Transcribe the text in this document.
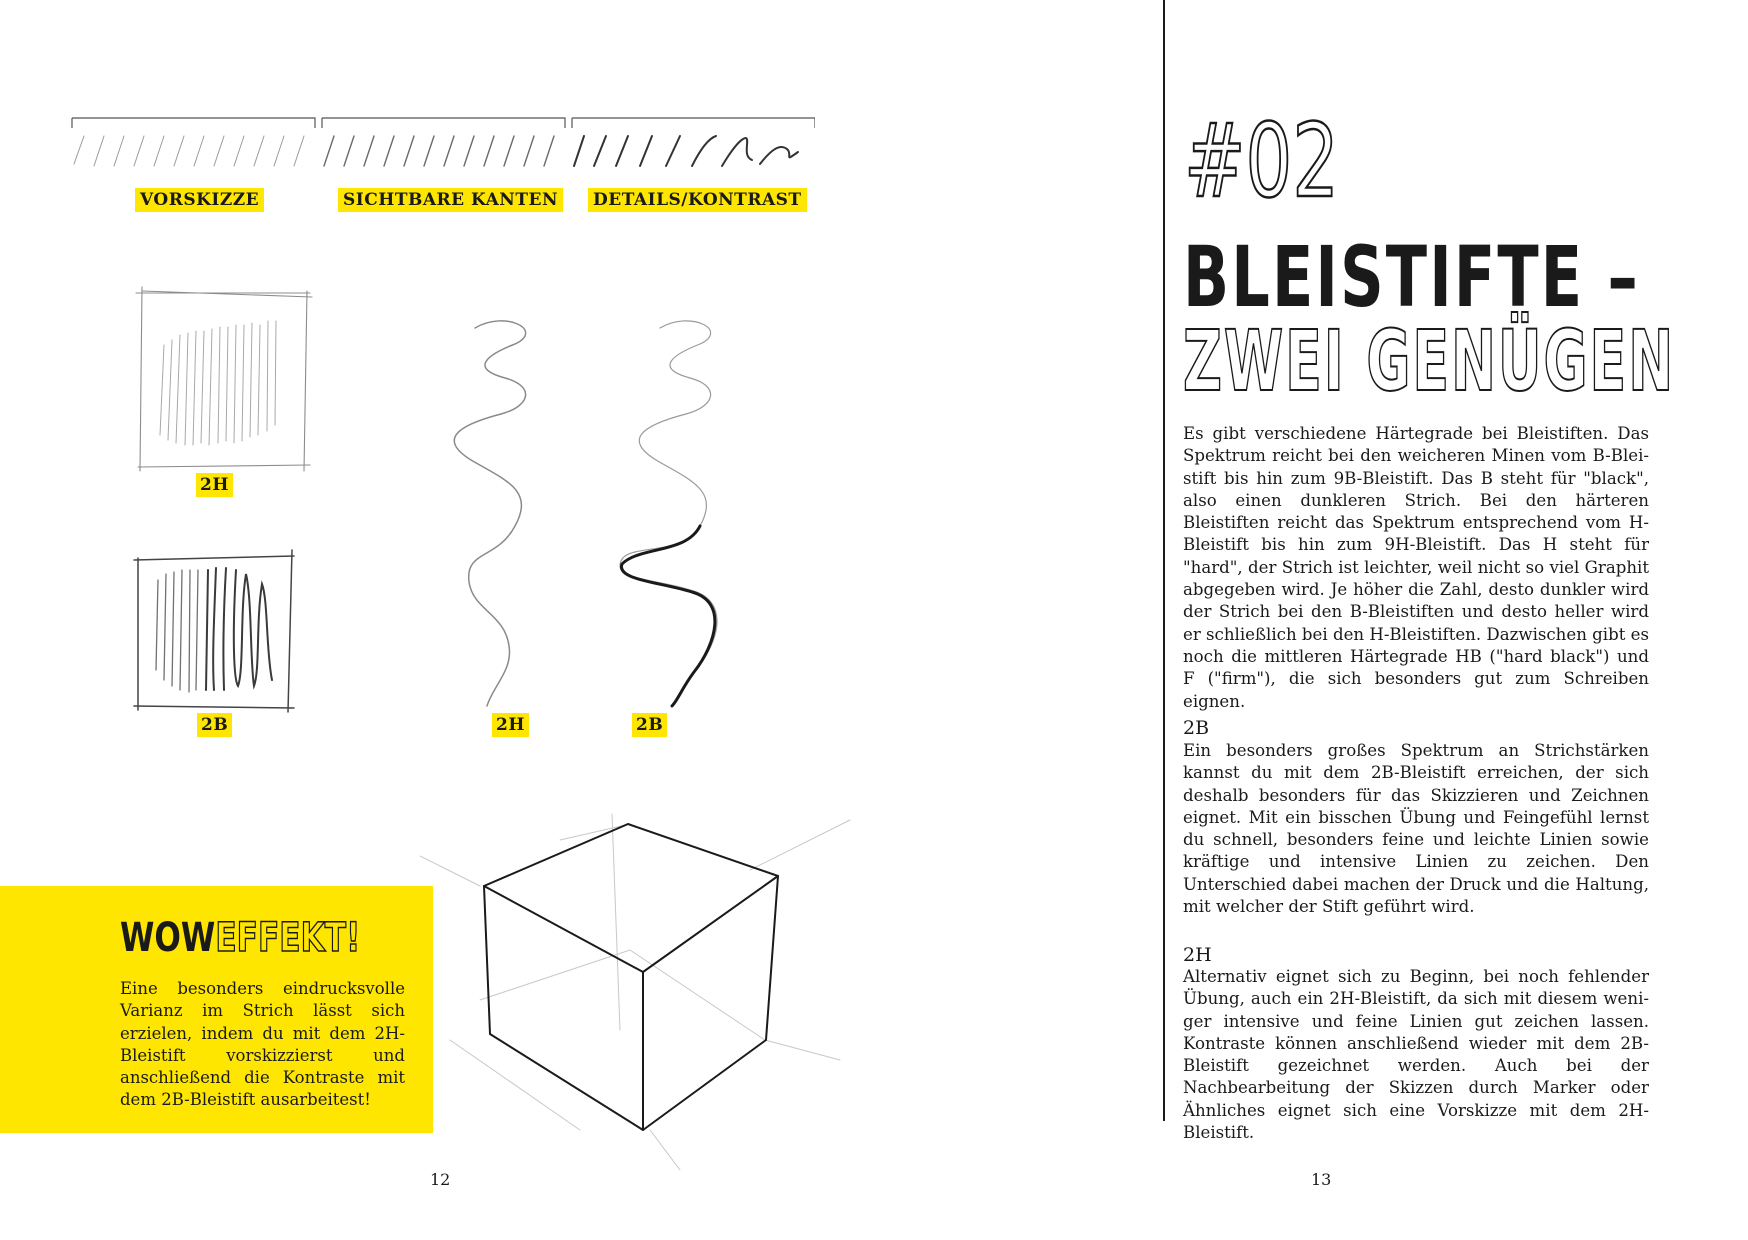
VORSKIZZE	SICHTBARE KANTEN DETAILS/KONTRAST
2H
2B	2H	2B
WOWEFFEKT!

Eine besonders eindrucksvolle Varianz im Strich lässt sich erzielen, indem du mit dem 2H-Bleistift vorskizzierst und anschließend die Kontraste mit dem 2B-Bleistift ausarbeitest!

12
#02
BLEISTIFTE –
ZWEI GENÜGEN

Es gibt verschiedene Härtegrade bei Bleistiften. Das Spektrum reicht bei den weicheren Minen vom B-Bleistift bis hin zum 9B-Bleistift. Das B steht für "black", also einen dunkleren Strich. Bei den härteren Bleistiften reicht das Spektrum entsprechend vom H-Bleistift bis hin zum 9H-Bleistift. Das H steht für "hard", der Strich ist leichter, weil nicht so viel Graphit abgegeben wird. Je höher die Zahl, desto dunkler wird der Strich bei den B-Bleistiften und desto heller wird er schließlich bei den H-Bleistiften. Dazwischen gibt es noch die mittleren Härtegrade HB ("hard black") und F ("firm"), die sich besonders gut zum Schreiben eignen.

2B

Ein besonders großes Spektrum an Strichstärken kannst du mit dem 2B-Bleistift erreichen, der sich deshalb besonders für das Skizzieren und Zeichnen eignet. Mit ein bisschen Übung und Feingefühl lernst du schnell, besonders feine und leichte Linien sowie kräftige und intensive Linien zu zeichen. Den Unterschied dabei machen der Druck und die Haltung, mit welcher der Stift geführt wird.

2H

Alternativ eignet sich zu Beginn, bei noch fehlender Übung, auch ein 2H-Bleistift, da sich mit diesem weniger intensive und feine Linien gut zeichen lassen. Kontraste können anschließend wieder mit dem 2B-Bleistift gezeichnet werden. Auch bei der Nachbearbeitung der Skizzen durch Marker oder Ähnliches eignet sich eine Vorskizze mit dem 2H-Bleistift.

13
